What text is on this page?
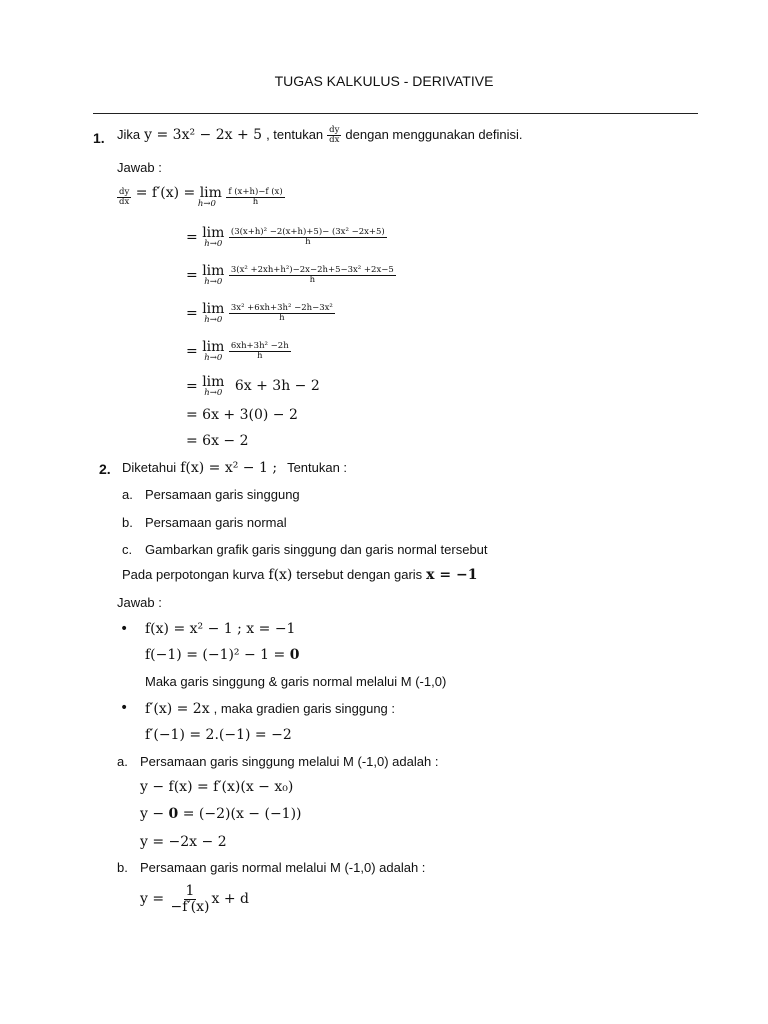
TUGAS KALKULUS - DERIVATIVE
1. Jika y = 3x² − 2x + 5 , tentukan $\frac{dy}{dx}$ dengan menggunakan definisi.
Jawab :
$\frac{dy}{dx}$
= f′(x) = lim
h→0
$\frac{f (x+h)-f (x)}{h}$
= lim
h→0
$\frac{\text{(3(x+h)² −2(x+h)+5)− (3x² −2x+5)}}{h}$
= lim
h→0
$\frac{\text{3(x² +2xh+h²)−2x−2h+5−3x² +2x−5}}{h}$
= lim
h→0
$\frac{\text{3x² +6xh+3h² −2h−3x²}}{h}$
= lim
h→0
$\frac{\text{6xh+3h² −2h}}{h}$
= lim
h→0 6x + 3h − 2
= 6x + 3(0) − 2
= 6x − 2
2. Diketahui f(x) = x² − 1 ; Tentukan :
a. Persamaan garis singgung
b. Persamaan garis normal
c. Gambarkan grafik garis singgung dan garis normal tersebut
Pada perpotongan kurva f(x) tersebut dengan garis x = −1
Jawab :
• f(x) = x² − 1 ; x = −1
f(−1) = (−1)² − 1 = 0
Maka garis singgung & garis normal melalui M (-1,0)
• f′(x) = 2x , maka gradien garis singgung :
f′(−1) = 2.(−1) = −2
a. Persamaan garis singgung melalui M (-1,0) adalah :
y − f(x) = f′(x)(x − x₀)
y − 0 = (−2)(x − (−1))
y = −2x − 2
b. Persamaan garis normal melalui M (-1,0) adalah :
$y = \frac{1}{-f'(x)}$ x + d
